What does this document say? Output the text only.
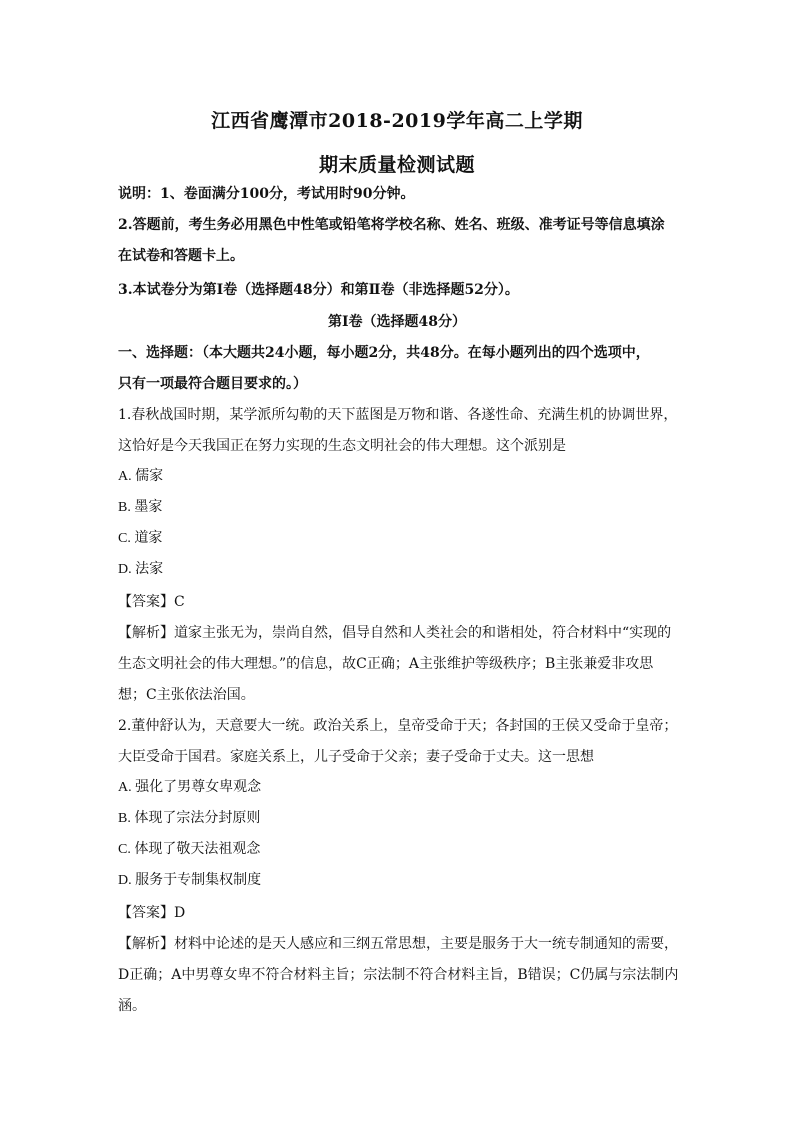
江西省鹰潭市2018-2019学年高二上学期
期末质量检测试题
说明：1、卷面满分100分，考试用时90分钟。
2.答题前，考生务必用黑色中性笔或铅笔将学校名称、姓名、班级、准考证号等信息填涂
在试卷和答题卡上。
3.本试卷分为第Ⅰ卷（选择题48分）和第Ⅱ卷（非选择题52分）。
第Ⅰ卷（选择题48分）
一、选择题：（本大题共24小题，每小题2分，共48分。在每小题列出的四个选项中，
只有一项最符合题目要求的。）
1.春秋战国时期，某学派所勾勒的天下蓝图是万物和谐、各遂性命、充满生机的协调世界，
这恰好是今天我国正在努力实现的生态文明社会的伟大理想。这个派别是
A. 儒家
B. 墨家
C. 道家
D. 法家
【答案】C
【解析】道家主张无为，崇尚自然，倡导自然和人类社会的和谐相处，符合材料中“实现的
生态文明社会的伟大理想。”的信息，故C正确；A主张维护等级秩序；B主张兼爱非攻思
想；C主张依法治国。
2.董仲舒认为，天意要大一统。政治关系上，皇帝受命于天；各封国的王侯又受命于皇帝；
大臣受命于国君。家庭关系上，儿子受命于父亲；妻子受命于丈夫。这一思想
A. 强化了男尊女卑观念
B. 体现了宗法分封原则
C. 体现了敬天法祖观念
D. 服务于专制集权制度
【答案】D
【解析】材料中论述的是天人感应和三纲五常思想，主要是服务于大一统专制通知的需要，
D正确；A中男尊女卑不符合材料主旨；宗法制不符合材料主旨，B错误；C仍属与宗法制内
涵。
